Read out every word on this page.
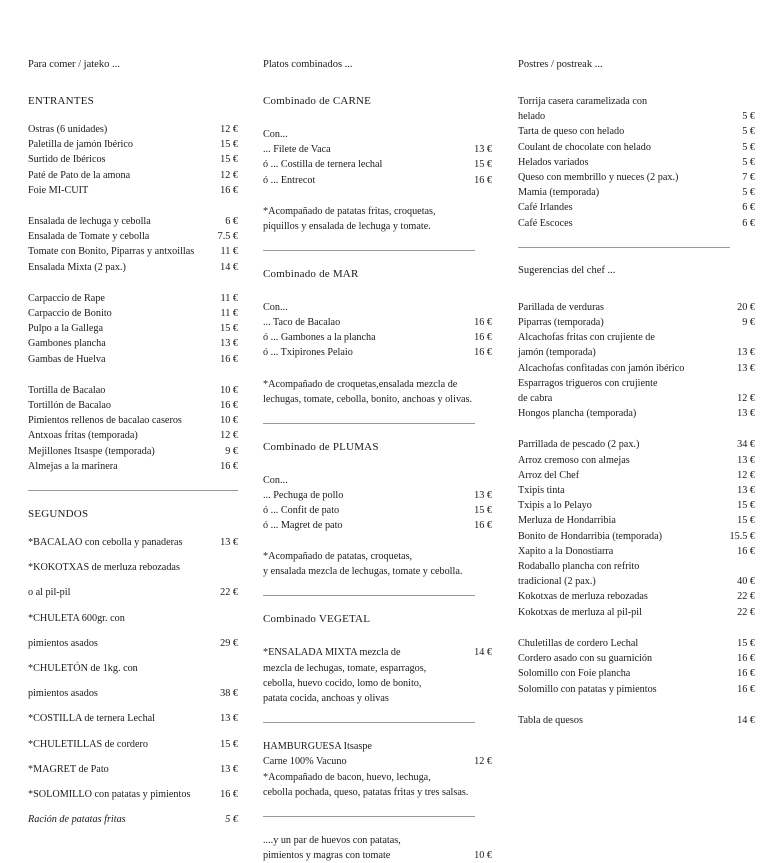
Para comer / jateko ...
ENTRANTES
Ostras (6 unidades)	12 €
Paletilla de jamón Ibérico	15 €
Surtido de Ibéricos	15 €
Paté de Pato de la amona	12 €
Foie MI-CUIT	16 €
Ensalada de lechuga y cebolla	6 €
Ensalada de Tomate y cebolla	7.5 €
Tomate con Bonito, Piparras y antxoillas	11 €
Ensalada Mixta (2 pax.)	14 €
Carpaccio de Rape	11 €
Carpaccio de Bonito	11 €
Pulpo a la Gallega	15 €
Gambones plancha	13 €
Gambas de Huelva	16 €
Tortilla de Bacalao	10 €
Tortillón de Bacalao	16 €
Pimientos rellenos de bacalao caseros	10 €
Antxoas fritas (temporada)	12 €
Mejillones Itsaspe (temporada)	9 €
Almejas a la marinera	16 €
SEGUNDOS
*BACALAO con cebolla y panaderas	13 €
*KOKOTXAS de merluza rebozadas
o al pil-pil	22 €
*CHULETA 600gr. con
pimientos asados	29 €
*CHULETÓN de 1kg. con
pimientos asados	38 €
*COSTILLA de ternera Lechal	13 €
*CHULETILLAS de cordero	15 €
*MAGRET de Pato	13 €
*SOLOMILLO con patatas y pimientos	16 €
Ración de patatas fritas	5 €
Platos combinados ...
Combinado de CARNE
Con...
... Filete de Vaca	13 €
ó ... Costilla de ternera lechal	15 €
ó ... Entrecot	16 €
*Acompañado de patatas fritas, croquetas,
piquillos y ensalada de lechuga y tomate.
Combinado de MAR
Con...
... Taco de Bacalao	16 €
ó ... Gambones a la plancha	16 €
ó ... Txipirones Pelaio	16 €
*Acompañado de croquetas,ensalada mezcla de
lechugas, tomate, cebolla, bonito, anchoas y olivas.
Combinado de PLUMAS
Con...
... Pechuga de pollo	13 €
ó ... Confit de pato	15 €
ó ... Magret de pato	16 €
*Acompañado de patatas, croquetas,
y ensalada mezcla de lechugas, tomate y cebolla.
Combinado VEGETAL
*ENSALADA MIXTA mezcla de	14 €
mezcla de lechugas, tomate, esparragos,
cebolla, huevo cocido, lomo de bonito,
patata cocida, anchoas y olivas
HAMBURGUESA Itsaspe
Carne 100% Vacuno	12 €
*Acompañado de bacon, huevo, lechuga,
cebolla pochada, queso, patatas fritas y tres salsas.
....y un par de huevos con patatas,
pimientos y magras con tomate	10 €
Postres / postreak ...
Torrija casera caramelizada con
helado	5 €
Tarta de queso con helado	5 €
Coulant de chocolate con helado	5 €
Helados variados	5 €
Queso con membrillo y nueces (2 pax.)	7 €
Mamia (temporada)	5 €
Café Irlandes	6 €
Café Escoces	6 €
Sugerencias del chef ...
Parillada de verduras	20 €
Piparras (temporada)	9 €
Alcachofas fritas con crujiente de
jamón (temporada)	13 €
Alcachofas confitadas con jamón ibérico	13 €
Esparragos trigueros con crujiente
de cabra	12 €
Hongos plancha (temporada)	13 €
Parrillada de pescado (2 pax.)	34 €
Arroz cremoso con almejas	13 €
Arroz del Chef	12 €
Txipis tinta	13 €
Txipis a lo Pelayo	15 €
Merluza de Hondarribia	15 €
Bonito de Hondarribia (temporada)	15.5 €
Xapito a la Donostiarra	16 €
Rodaballo plancha con refrito
tradicional (2 pax.)	40 €
Kokotxas de merluza rebozadas	22 €
Kokotxas de merluza al pil-pil	22 €
Chuletillas de cordero Lechal	15 €
Cordero asado con su guarnición	16 €
Solomillo con Foie plancha	16 €
Solomillo con patatas y pimientos	16 €
Tabla de quesos	14 €
